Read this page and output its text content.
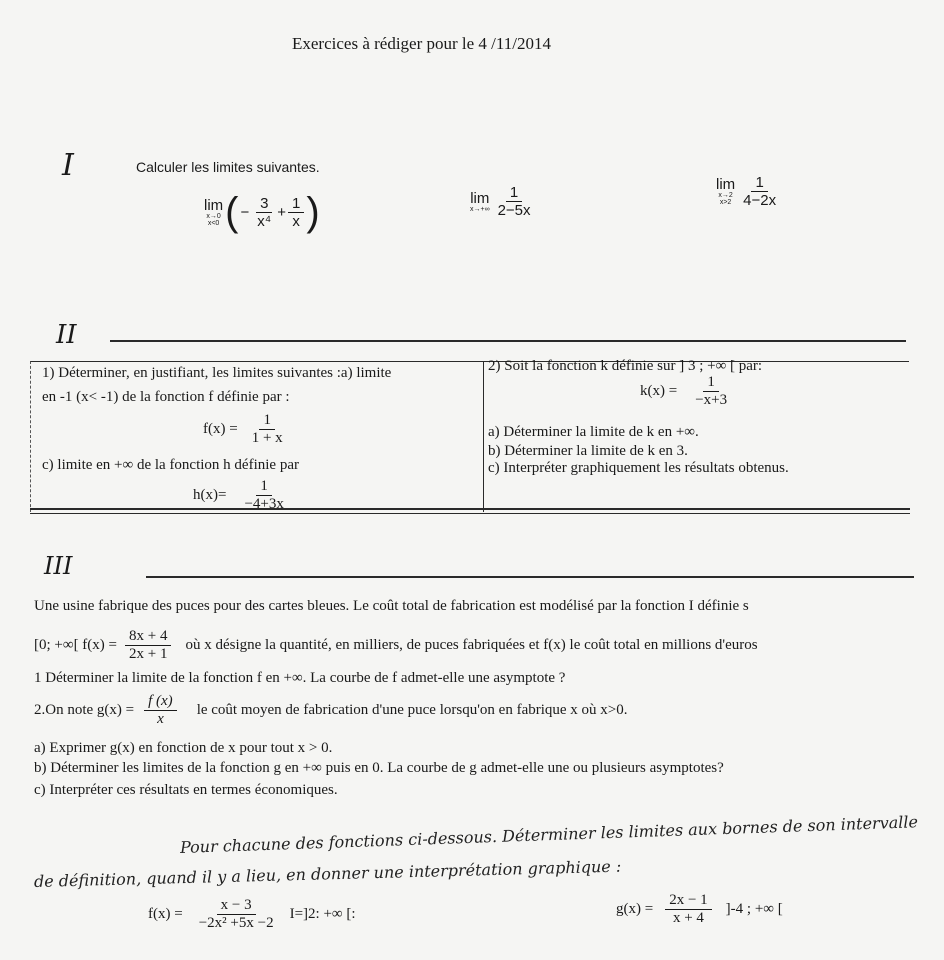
Exercices à rédiger pour le 4 /11/2014
I	Calculer les limites suivantes.
lim
x→0
x<0 ( − $\frac{3}{\text{x⁴}} + \frac{1}{x}$ )	lim
$x\to+\infty \frac{1}{2-5x}$	lim
x→2
$x>2 \frac{1}{4-2x}$
II
1) Déterminer, en justifiant, les limites suivantes :a) limite
en -1 (x< -1) de la fonction f définie par :
$f(x) = \frac{1}{1 + x}$
c) limite en +∞ de la fonction h définie par
$h(x)= \frac{1}{-4+3x}$
2) Soit la fonction k définie sur ] 3 ; +∞ [ par:
$k(x) = \frac{1}{-x+3}$
a) Déterminer la limite de k en +∞.
b) Déterminer la limite de k en 3.
c) Interpréter graphiquement les résultats obtenus.
III
Une usine fabrique des puces pour des cartes bleues. Le coût total de fabrication est modélisé par la fonction I définie s
[0; +∞[ $f(x) = \frac{8x + 4}{2x + 1}$ où x désigne la quantité, en milliers, de puces fabriquées et f(x) le coût total en millions d'euros
1 Déterminer la limite de la fonction f en +∞. La courbe de f admet-elle une asymptote ?
2.On note $g(x) = \frac{f (x)}{x}$ le coût moyen de fabrication d'une puce lorsqu'on en fabrique x où x>0.
a) Exprimer g(x) en fonction de x pour tout x > 0.
b) Déterminer les limites de la fonction g en +∞ puis en 0. La courbe de g admet-elle une ou plusieurs asymptotes?
c) Interpréter ces résultats en termes économiques.
Pour chacune des fonctions ci-dessous. Déterminer les limites aux bornes de son intervalle
de définition, quand il y a lieu, en donner une interprétation graphique :
$f(x) = \frac{x - 3}{\text{−2x² +5x −2}} I=]2$: +∞ [:	$g(x) = \frac{2x - 1}{x + 4} ]-4$ ; +∞ [
